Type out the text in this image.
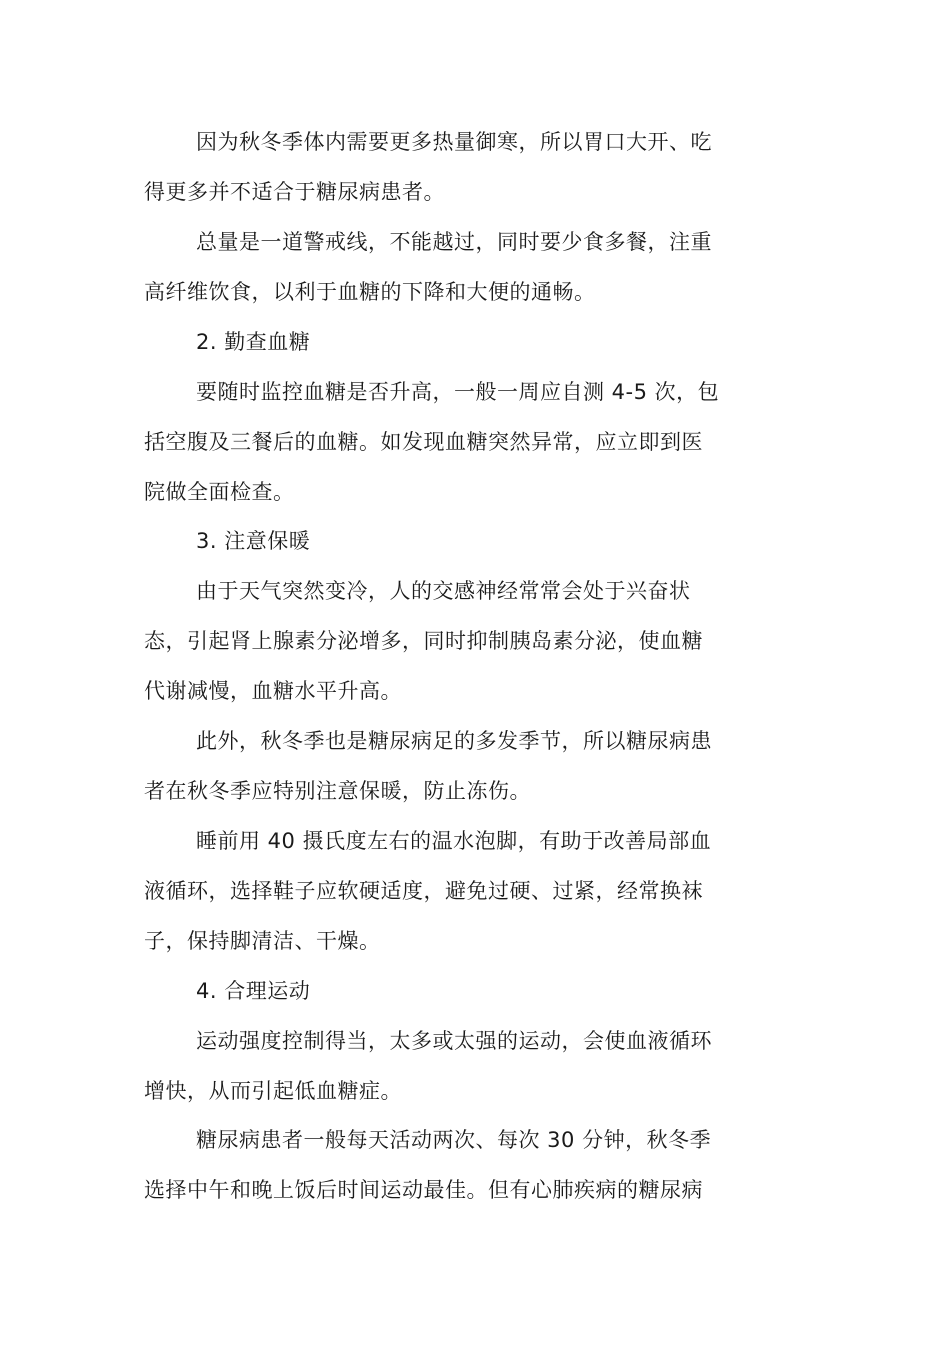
因为秋冬季体内需要更多热量御寒，所以胃口大开、吃
得更多并不适合于糖尿病患者。
总量是一道警戒线，不能越过，同时要少食多餐，注重
高纤维饮食，以利于血糖的下降和大便的通畅。
2. 勤查血糖
要随时监控血糖是否升高，一般一周应自测 4-5 次，包
括空腹及三餐后的血糖。如发现血糖突然异常，应立即到医
院做全面检查。
3. 注意保暖
由于天气突然变冷，人的交感神经常常会处于兴奋状
态，引起肾上腺素分泌增多，同时抑制胰岛素分泌，使血糖
代谢减慢，血糖水平升高。
此外，秋冬季也是糖尿病足的多发季节，所以糖尿病患
者在秋冬季应特别注意保暖，防止冻伤。
睡前用 40 摄氏度左右的温水泡脚，有助于改善局部血
液循环，选择鞋子应软硬适度，避免过硬、过紧，经常换袜
子，保持脚清洁、干燥。
4. 合理运动
运动强度控制得当，太多或太强的运动，会使血液循环
增快，从而引起低血糖症。
糖尿病患者一般每天活动两次、每次 30 分钟，秋冬季
选择中午和晚上饭后时间运动最佳。但有心肺疾病的糖尿病
